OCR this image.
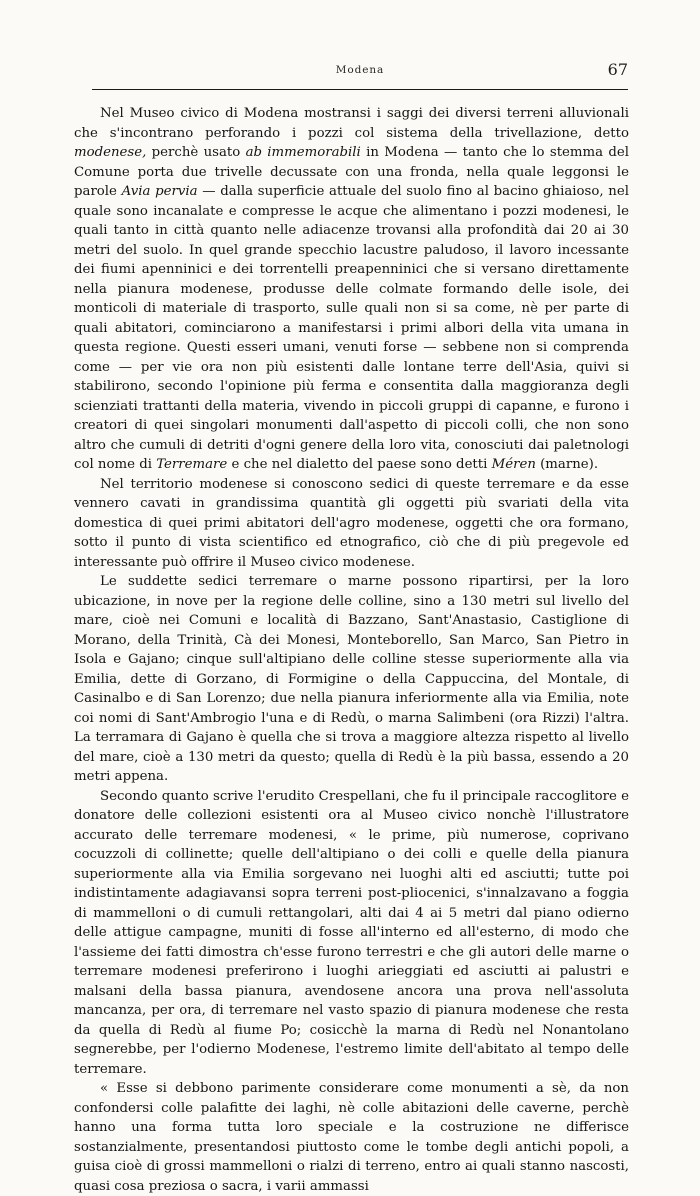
Modena	67

Nel Museo civico di Modena mostransi i saggi dei diversi terreni alluvionali che s'incontrano perforando i pozzi col sistema della trivellazione, detto modenese, perchè usato ab immemorabili in Modena — tanto che lo stemma del Comune porta due trivelle decussate con una fronda, nella quale leggonsi le parole Avia pervia — dalla superficie attuale del suolo fino al bacino ghiaioso, nel quale sono incanalate e compresse le acque che alimentano i pozzi modenesi, le quali tanto in città quanto nelle adiacenze trovansi alla profondità dai 20 ai 30 metri del suolo. In quel grande specchio lacustre paludoso, il lavoro incessante dei fiumi apenninici e dei torrentelli preapenninici che si versano direttamente nella pianura modenese, produsse delle colmate formando delle isole, dei monticoli di materiale di trasporto, sulle quali non si sa come, nè per parte di quali abitatori, cominciarono a manifestarsi i primi albori della vita umana in questa regione. Questi esseri umani, venuti forse — sebbene non si comprenda come — per vie ora non più esistenti dalle lontane terre dell'Asia, quivi si stabilirono, secondo l'opinione più ferma e consentita dalla maggioranza degli scienziati trattanti della materia, vivendo in piccoli gruppi di capanne, e furono i creatori di quei singolari monumenti dall'aspetto di piccoli colli, che non sono altro che cumuli di detriti d'ogni genere della loro vita, conosciuti dai paletnologi col nome di Terremare e che nel dialetto del paese sono detti Méren (marne).

Nel territorio modenese si conoscono sedici di queste terremare e da esse vennero cavati in grandissima quantità gli oggetti più svariati della vita domestica di quei primi abitatori dell'agro modenese, oggetti che ora formano, sotto il punto di vista scientifico ed etnografico, ciò che di più pregevole ed interessante può offrire il Museo civico modenese.

Le suddette sedici terremare o marne possono ripartirsi, per la loro ubicazione, in nove per la regione delle colline, sino a 130 metri sul livello del mare, cioè nei Comuni e località di Bazzano, Sant'Anastasio, Castiglione di Morano, della Trinità, Cà dei Monesi, Monteborello, San Marco, San Pietro in Isola e Gajano; cinque sull'altipiano delle colline stesse superiormente alla via Emilia, dette di Gorzano, di Formigine o della Cappuccina, del Montale, di Casinalbo e di San Lorenzo; due nella pianura inferiormente alla via Emilia, note coi nomi di Sant'Ambrogio l'una e di Redù, o marna Salimbeni (ora Rizzi) l'altra. La terramara di Gajano è quella che si trova a maggiore altezza rispetto al livello del mare, cioè a 130 metri da questo; quella di Redù è la più bassa, essendo a 20 metri appena.

Secondo quanto scrive l'erudito Crespellani, che fu il principale raccoglitore e donatore delle collezioni esistenti ora al Museo civico nonchè l'illustratore accurato delle terremare modenesi, « le prime, più numerose, coprivano cocuzzoli di collinette; quelle dell'altipiano o dei colli e quelle della pianura superiormente alla via Emilia sorgevano nei luoghi alti ed asciutti; tutte poi indistintamente adagiavansi sopra terreni post-pliocenici, s'innalzavano a foggia di mammelloni o di cumuli rettangolari, alti dai 4 ai 5 metri dal piano odierno delle attigue campagne, muniti di fosse all'interno ed all'esterno, di modo che l'assieme dei fatti dimostra ch'esse furono terrestri e che gli autori delle marne o terremare modenesi preferirono i luoghi arieggiati ed asciutti ai palustri e malsani della bassa pianura, avendosene ancora una prova nell'assoluta mancanza, per ora, di terremare nel vasto spazio di pianura modenese che resta da quella di Redù al fiume Po; cosicchè la marna di Redù nel Nonantolano segnerebbe, per l'odierno Modenese, l'estremo limite dell'abitato al tempo delle terremare.

« Esse si debbono parimente considerare come monumenti a sè, da non confondersi colle palafitte dei laghi, nè colle abitazioni delle caverne, perchè hanno una forma tutta loro speciale e la costruzione ne differisce sostanzialmente, presentandosi piuttosto come le tombe degli antichi popoli, a guisa cioè di grossi mammelloni o rialzi di terreno, entro ai quali stanno nascosti, quasi cosa preziosa o sacra, i varii ammassi
